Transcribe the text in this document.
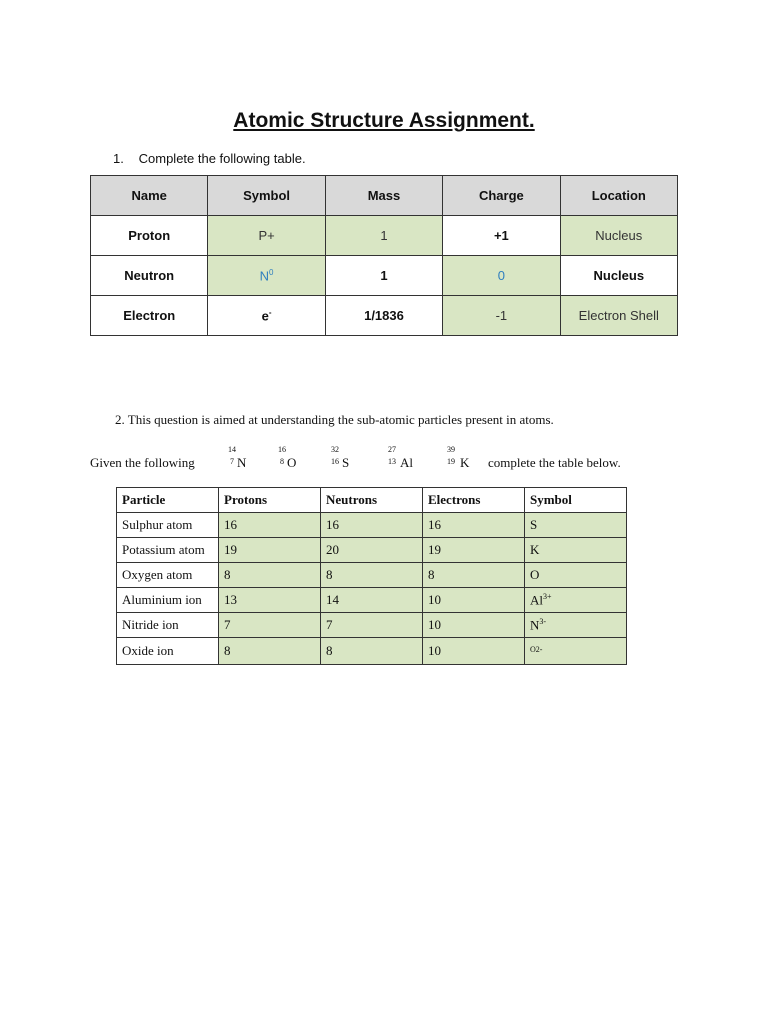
Atomic Structure Assignment.
1. Complete the following table.
Name	Symbol	Mass	Charge	Location
Proton	P+	1	+1	Nucleus
Neutron	$N^0$	1	0	Nucleus
Electron	e-	1/1836	-1	Electron Shell
2. This question is aimed at understanding the sub-atomic particles present in atoms.
Given the following
14
7 N
16
8 O
32
16 S
27
13 Al
39
19 K complete the table below.
Particle	Protons	Neutrons	Electrons	Symbol
Sulphur atom	16	16	16	S
Potassium atom	19	20	19	K
Oxygen atom	8	8	8	O
Aluminium ion	13	14	10	$Al^{3+}$
Nitride ion	7	7	10	$N^{3-}$
Oxide ion	8	8	10	O2-
